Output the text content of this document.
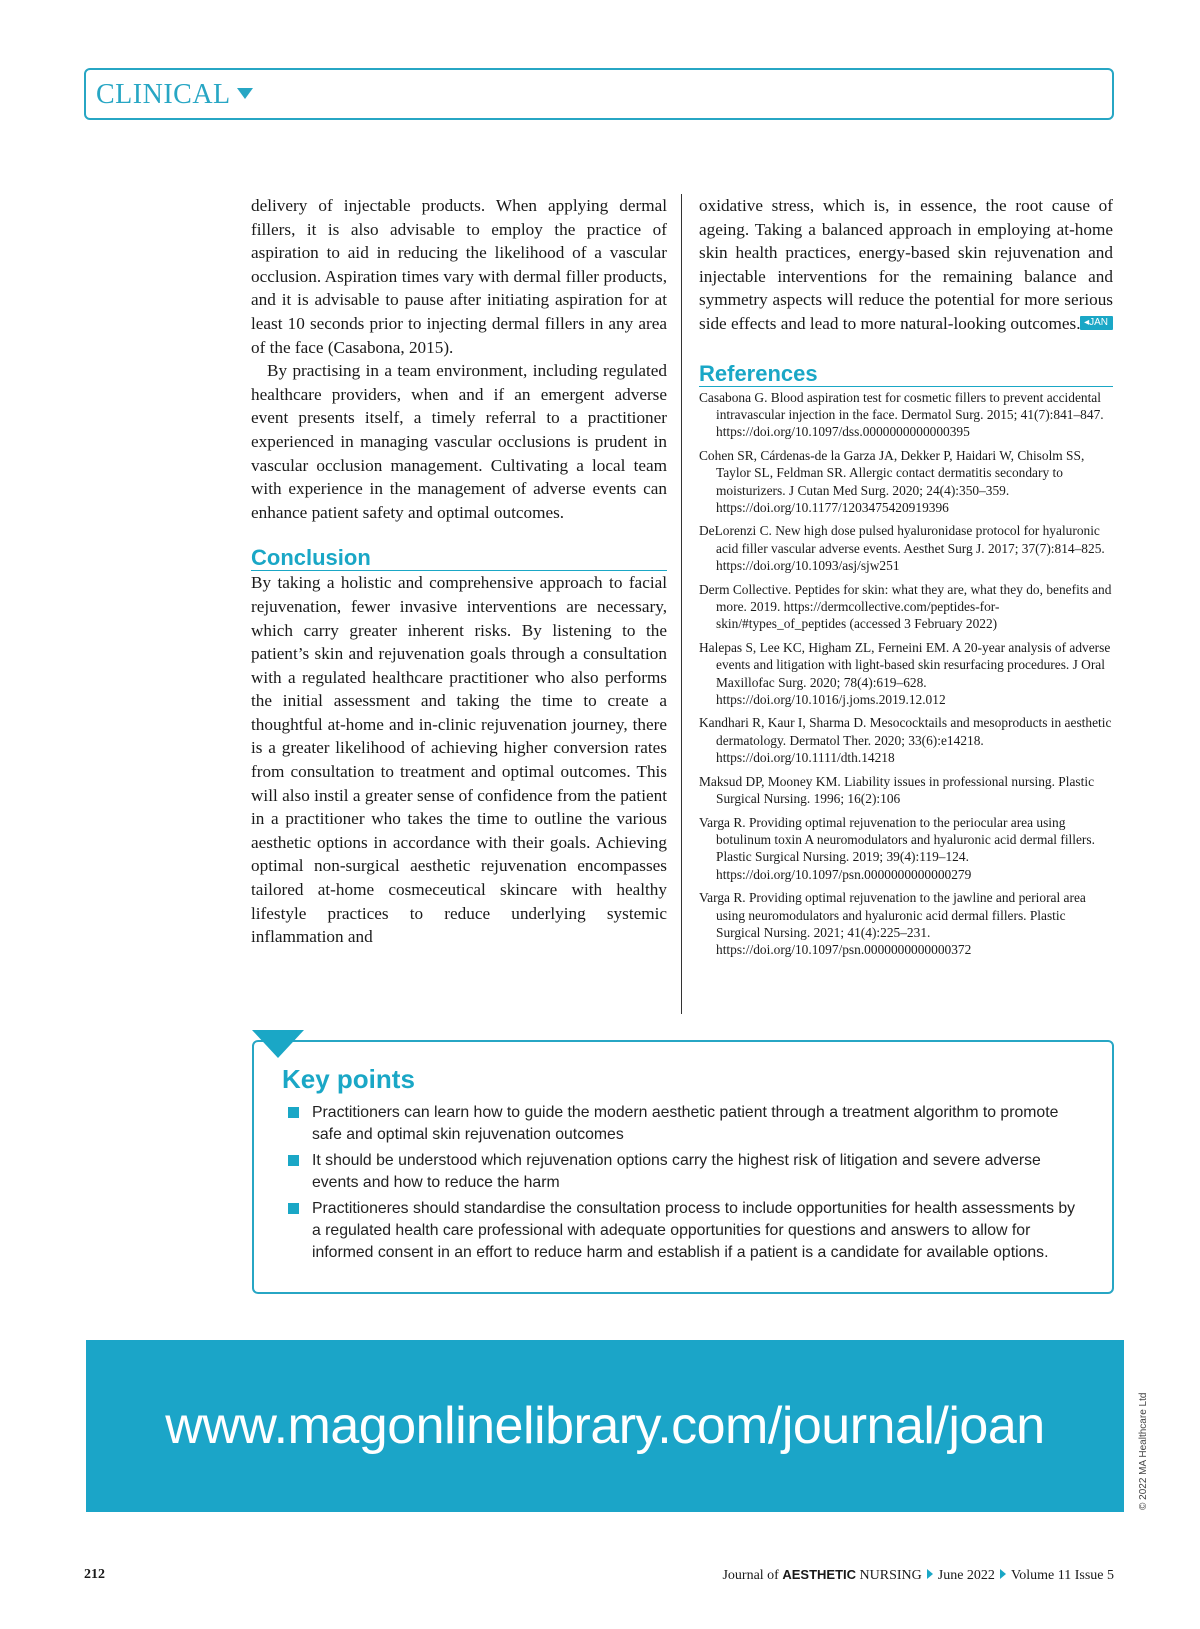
CLINICAL

delivery of injectable products. When applying dermal fillers, it is also advisable to employ the practice of aspiration to aid in reducing the likelihood of a vascular occlusion. Aspiration times vary with dermal filler products, and it is advisable to pause after initiating aspiration for at least 10 seconds prior to injecting dermal fillers in any area of the face (Casabona, 2015).

By practising in a team environment, including regulated healthcare providers, when and if an emergent adverse event presents itself, a timely referral to a practitioner experienced in managing vascular occlusions is prudent in vascular occlusion management. Cultivating a local team with experience in the management of adverse events can enhance patient safety and optimal outcomes.

Conclusion

By taking a holistic and comprehensive approach to facial rejuvenation, fewer invasive interventions are necessary, which carry greater inherent risks. By listening to the patient’s skin and rejuvenation goals through a consultation with a regulated healthcare practitioner who also performs the initial assessment and taking the time to create a thoughtful at-home and in-clinic rejuvenation journey, there is a greater likelihood of achieving higher conversion rates from consultation to treatment and optimal outcomes. This will also instil a greater sense of confidence from the patient in a practitioner who takes the time to outline the various aesthetic options in accordance with their goals. Achieving optimal non-surgical aesthetic rejuvenation encompasses tailored at-home cosmeceutical skincare with healthy lifestyle practices to reduce underlying systemic inflammation and

oxidative stress, which is, in essence, the root cause of ageing. Taking a balanced approach in employing at-home skin health practices, energy-based skin rejuvenation and injectable interventions for the remaining balance and symmetry aspects will reduce the potential for more serious side effects and lead to more natural-looking outcomes. ◂JAN
References

Casabona G. Blood aspiration test for cosmetic fillers to prevent accidental intravascular injection in the face. Dermatol Surg. 2015; 41(7):841–847. https://doi.org/10.1097/dss.0000000000000395

Cohen SR, Cárdenas-de la Garza JA, Dekker P, Haidari W, Chisolm SS, Taylor SL, Feldman SR. Allergic contact dermatitis secondary to moisturizers. J Cutan Med Surg. 2020; 24(4):350–359. https://doi.org/10.1177/1203475420919396

DeLorenzi C. New high dose pulsed hyaluronidase protocol for hyaluronic acid filler vascular adverse events. Aesthet Surg J. 2017; 37(7):814–825. https://doi.org/10.1093/asj/sjw251

Derm Collective. Peptides for skin: what they are, what they do, benefits and more. 2019. https://dermcollective.com/peptides-for-skin/#types_of_peptides (accessed 3 February 2022)

Halepas S, Lee KC, Higham ZL, Ferneini EM. A 20-year analysis of adverse events and litigation with light-based skin resurfacing procedures. J Oral Maxillofac Surg. 2020; 78(4):619–628. https://doi.org/10.1016/j.joms.2019.12.012

Kandhari R, Kaur I, Sharma D. Mesococktails and mesoproducts in aesthetic dermatology. Dermatol Ther. 2020; 33(6):e14218. https://doi.org/10.1111/dth.14218

Maksud DP, Mooney KM. Liability issues in professional nursing. Plastic Surgical Nursing. 1996; 16(2):106

Varga R. Providing optimal rejuvenation to the periocular area using botulinum toxin A neuromodulators and hyaluronic acid dermal fillers. Plastic Surgical Nursing. 2019; 39(4):119–124. https://doi.org/10.1097/psn.0000000000000279

Varga R. Providing optimal rejuvenation to the jawline and perioral area using neuromodulators and hyaluronic acid dermal fillers. Plastic Surgical Nursing. 2021; 41(4):225–231. https://doi.org/10.1097/psn.0000000000000372

Key points
Practitioners can learn how to guide the modern aesthetic patient through a treatment algorithm to promote safe and optimal skin rejuvenation outcomes
It should be understood which rejuvenation options carry the highest risk of litigation and severe adverse events and how to reduce the harm
Practitioneres should standardise the consultation process to include opportunities for health assessments by a regulated health care professional with adequate opportunities for questions and answers to allow for informed consent in an effort to reduce harm and establish if a patient is a candidate for available options.
www.magonlinelibrary.com/journal/joan	© 2022 MA Healthcare Ltd
212	Journal of AESTHETIC NURSING June 2022 Volume 11 Issue 5
